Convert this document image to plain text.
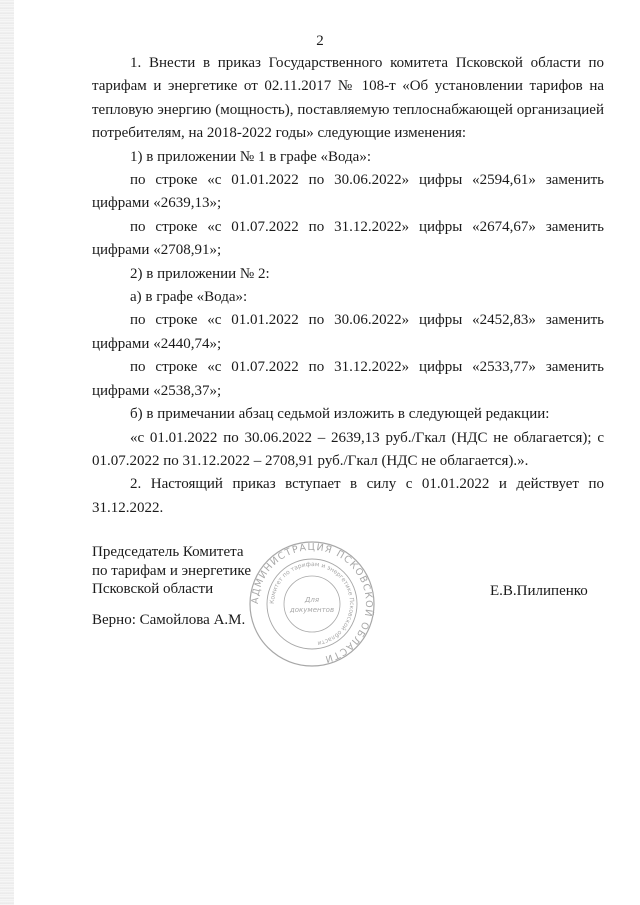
2

1. Внести в приказ Государственного комитета Псковской области по тарифам и энергетике от 02.11.2017 № 108-т «Об установлении тарифов на тепловую энергию (мощность), поставляемую теплоснабжающей организацией потребителям, на 2018-2022 годы» следующие изменения:

1) в приложении № 1 в графе «Вода»:

по строке «с 01.01.2022 по 30.06.2022» цифры «2594,61» заменить цифрами «2639,13»;

по строке «с 01.07.2022 по 31.12.2022» цифры «2674,67» заменить цифрами «2708,91»;

2) в приложении № 2:

а) в графе «Вода»:

по строке «с 01.01.2022 по 30.06.2022» цифры «2452,83» заменить цифрами «2440,74»;

по строке «с 01.07.2022 по 31.12.2022» цифры «2533,77» заменить цифрами «2538,37»;

б) в примечании абзац седьмой изложить в следующей редакции:

«с 01.01.2022 по 30.06.2022 – 2639,13 руб./Гкал (НДС не облагается); с 01.07.2022 по 31.12.2022 – 2708,91 руб./Гкал (НДС не облагается).».

2. Настоящий приказ вступает в силу с 01.01.2022 и действует по 31.12.2022.

Председатель Комитета
по тарифам и энергетике
Псковской области	Е.В.Пилипенко
Верно: Самойлова А.М.
АДМИНИСТРАЦИЯ ПСКОВСКОЙ ОБЛАСТИ
Комитет по тарифам и энергетике Псковской области
Для
документов
